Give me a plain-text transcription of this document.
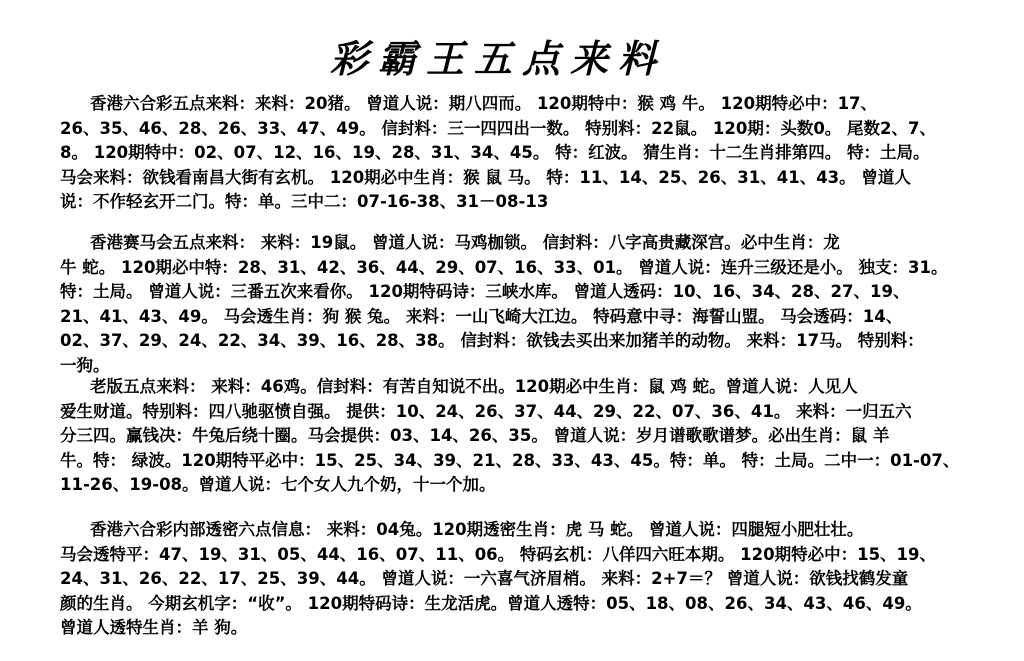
彩霸王五点来料
香港六合彩五点来料：来料：20猪。 曾道人说：期八四而。 120期特中：猴 鸡 牛。 120期特必中：17、
26、35、46、28、26、33、47、49。 信封料：三一四四出一数。 特别料：22鼠。 120期：头数0。 尾数2、7、
8。 120期特中：02、07、12、16、19、28、31、34、45。 特：红波。 猜生肖：十二生肖排第四。 特：土局。
马会来料：欲钱看南昌大街有玄机。 120期必中生肖：猴 鼠 马。 特：11、14、25、26、31、41、43。 曾道人
说：不作轻玄开二门。特：单。三中二：07-16-38、31－08-13
香港赛马会五点来料： 来料：19鼠。 曾道人说：马鸡枷锁。 信封料：八字高贵藏深宫。必中生肖：龙
牛 蛇。 120期必中特：28、31、42、36、44、29、07、16、33、01。 曾道人说：连升三级还是小。 独支：31。
特：土局。 曾道人说：三番五次来看你。 120期特码诗：三峡水库。 曾道人透码：10、16、34、28、27、19、
21、41、43、49。 马会透生肖：狗 猴 兔。 来料：一山飞崎大江边。 特码意中寻：海誓山盟。 马会透码：14、
02、37、29、24、22、34、39、16、28、38。 信封料：欲钱去买出来加猪羊的动物。 来料：17马。 特别料：
一狗。
老版五点来料： 来料：46鸡。信封料：有苦自知说不出。120期必中生肖：鼠 鸡 蛇。曾道人说：人见人
爱生财道。特别料：四八驰驱愤自强。 提供：10、24、26、37、44、29、22、07、36、41。 来料：一归五六
分三四。赢钱决：牛兔后绕十圈。马会提供：03、14、26、35。 曾道人说：岁月谱歌歌谱梦。必出生肖：鼠 羊
牛。特： 绿波。120期特平必中：15、25、34、39、21、28、33、43、45。特：单。 特：土局。二中一：01-07、
11-26、19-08。曾道人说：七个女人九个奶，十一个加。
香港六合彩内部透密六点信息： 来料：04兔。120期透密生肖：虎 马 蛇。 曾道人说：四腿短小肥壮壮。
马会透特平：47、19、31、05、44、16、07、11、06。 特码玄机：八佯四六旺本期。 120期特必中：15、19、
24、31、26、22、17、25、39、44。 曾道人说：一六喜气济眉梢。 来料：2+7＝？ 曾道人说：欲钱找鹤发童
颜的生肖。 今期玄机字：“收”。 120期特码诗：生龙活虎。曾道人透特：05、18、08、26、34、43、46、49。
曾道人透特生肖：羊 狗。
